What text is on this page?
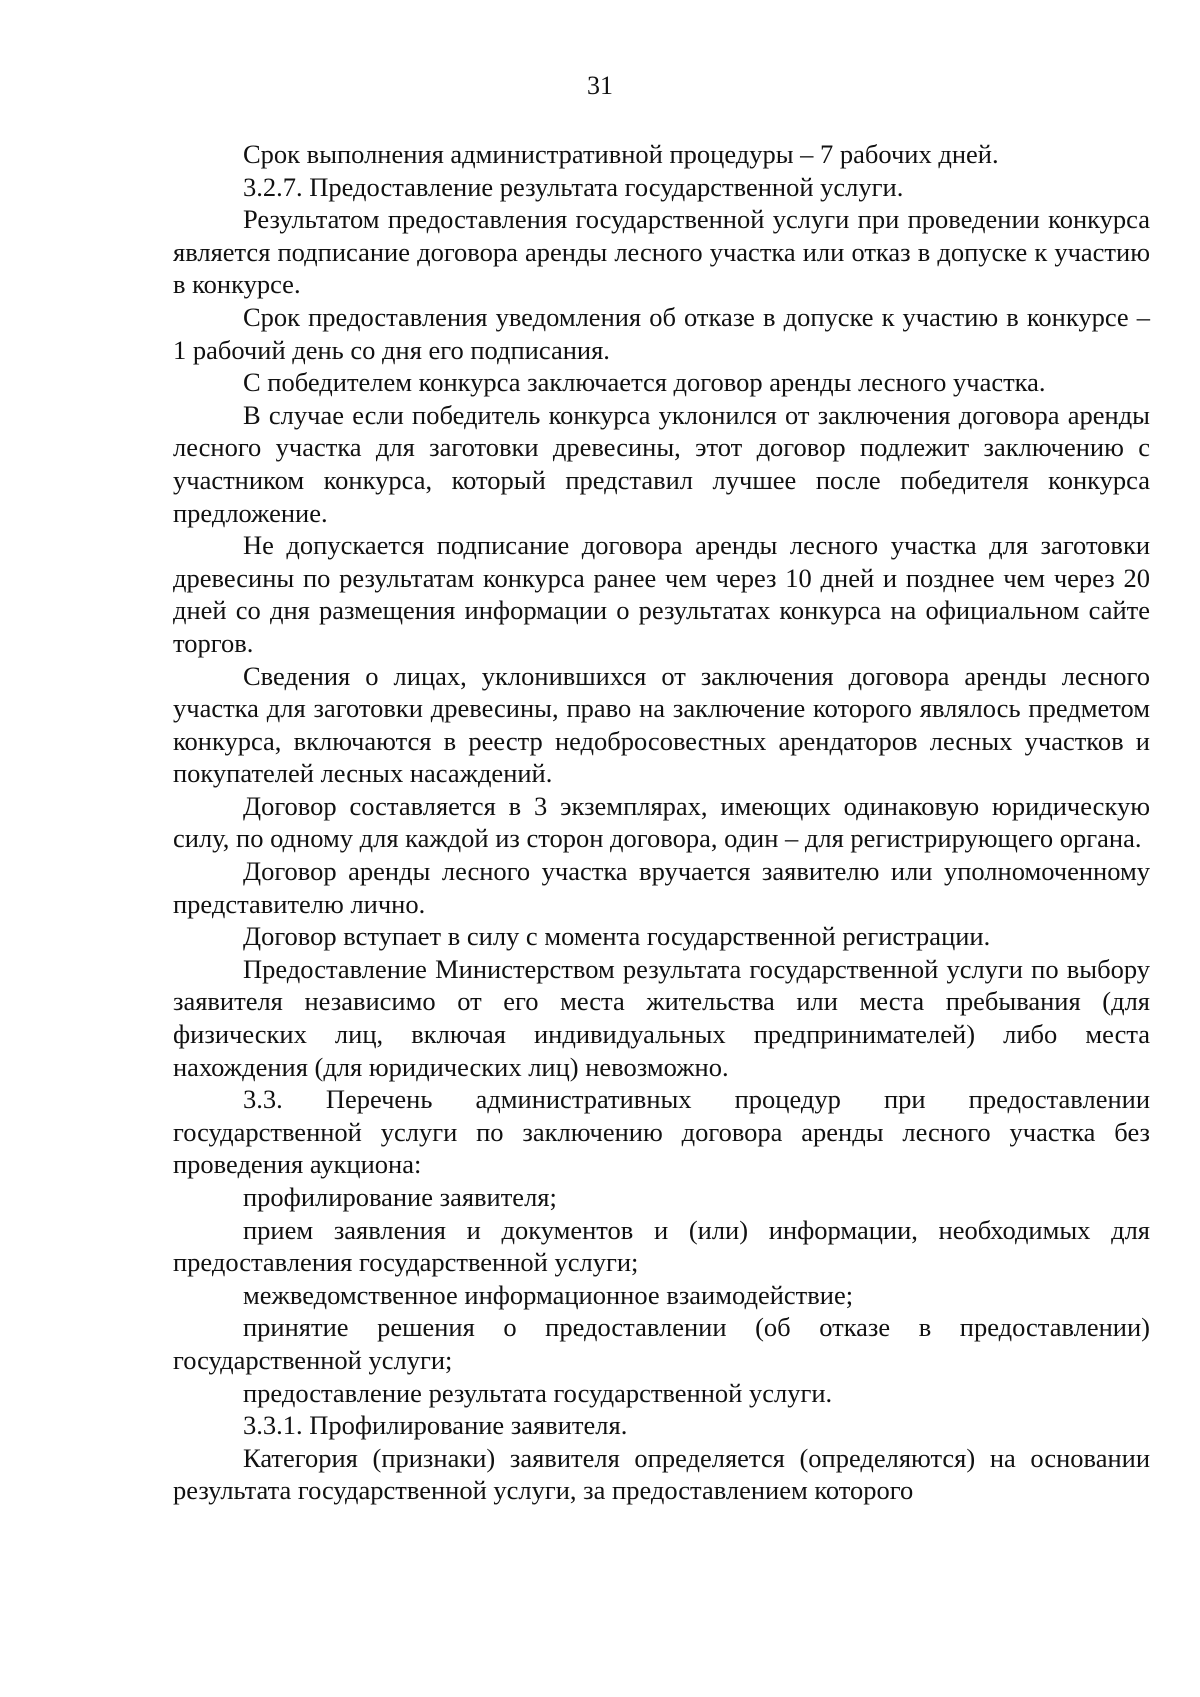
31

Срок выполнения административной процедуры – 7 рабочих дней.

3.2.7. Предоставление результата государственной услуги.

Результатом предоставления государственной услуги при проведении конкурса является подписание договора аренды лесного участка или отказ в допуске к участию в конкурсе.

Срок предоставления уведомления об отказе в допуске к участию в конкурсе – 1 рабочий день со дня его подписания.

С победителем конкурса заключается договор аренды лесного участка.

В случае если победитель конкурса уклонился от заключения договора аренды лесного участка для заготовки древесины, этот договор подлежит заключению с участником конкурса, который представил лучшее после победителя конкурса предложение.

Не допускается подписание договора аренды лесного участка для заготовки древесины по результатам конкурса ранее чем через 10 дней и позднее чем через 20 дней со дня размещения информации о результатах конкурса на официальном сайте торгов.

Сведения о лицах, уклонившихся от заключения договора аренды лесного участка для заготовки древесины, право на заключение которого являлось предметом конкурса, включаются в реестр недобросовестных арендаторов лесных участков и покупателей лесных насаждений.

Договор составляется в 3 экземплярах, имеющих одинаковую юридическую силу, по одному для каждой из сторон договора, один – для регистрирующего органа.

Договор аренды лесного участка вручается заявителю или уполномоченному представителю лично.

Договор вступает в силу с момента государственной регистрации.

Предоставление Министерством результата государственной услуги по выбору заявителя независимо от его места жительства или места пребывания (для физических лиц, включая индивидуальных предпринимателей) либо места нахождения (для юридических лиц) невозможно.

3.3. Перечень административных процедур при предоставлении государственной услуги по заключению договора аренды лесного участка без проведения аукциона:

профилирование заявителя;

прием заявления и документов и (или) информации, необходимых для предоставления государственной услуги;

межведомственное информационное взаимодействие;

принятие решения о предоставлении (об отказе в предоставлении) государственной услуги;

предоставление результата государственной услуги.

3.3.1. Профилирование заявителя.

Категория (признаки) заявителя определяется (определяются) на основании результата государственной услуги, за предоставлением которого
